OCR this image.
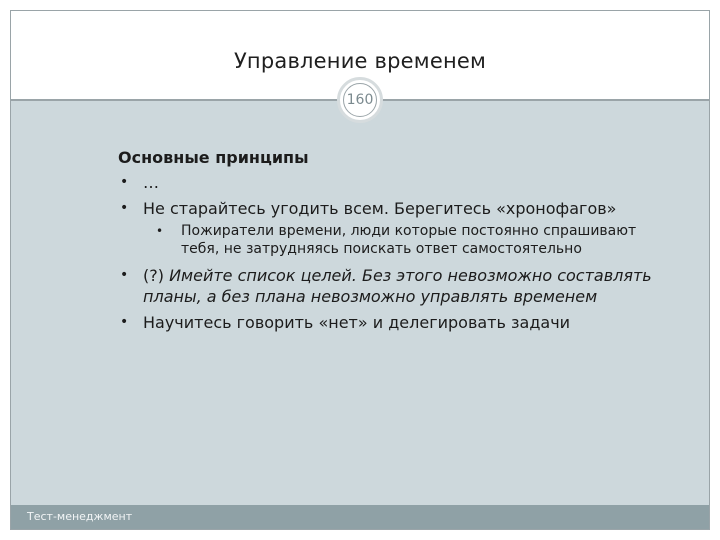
Управление временем
160
Основные принципы
• …
• Не старайтесь угодить всем. Берегитесь «хронофагов»
• Пожиратели времени, люди которые постоянно спрашивают тебя, не затрудняясь поискать ответ самостоятельно
• (?) Имейте список целей. Без этого невозможно составлять планы, а без плана невозможно управлять временем
• Научитесь говорить «нет» и делегировать задачи
Тест-менеджмент
